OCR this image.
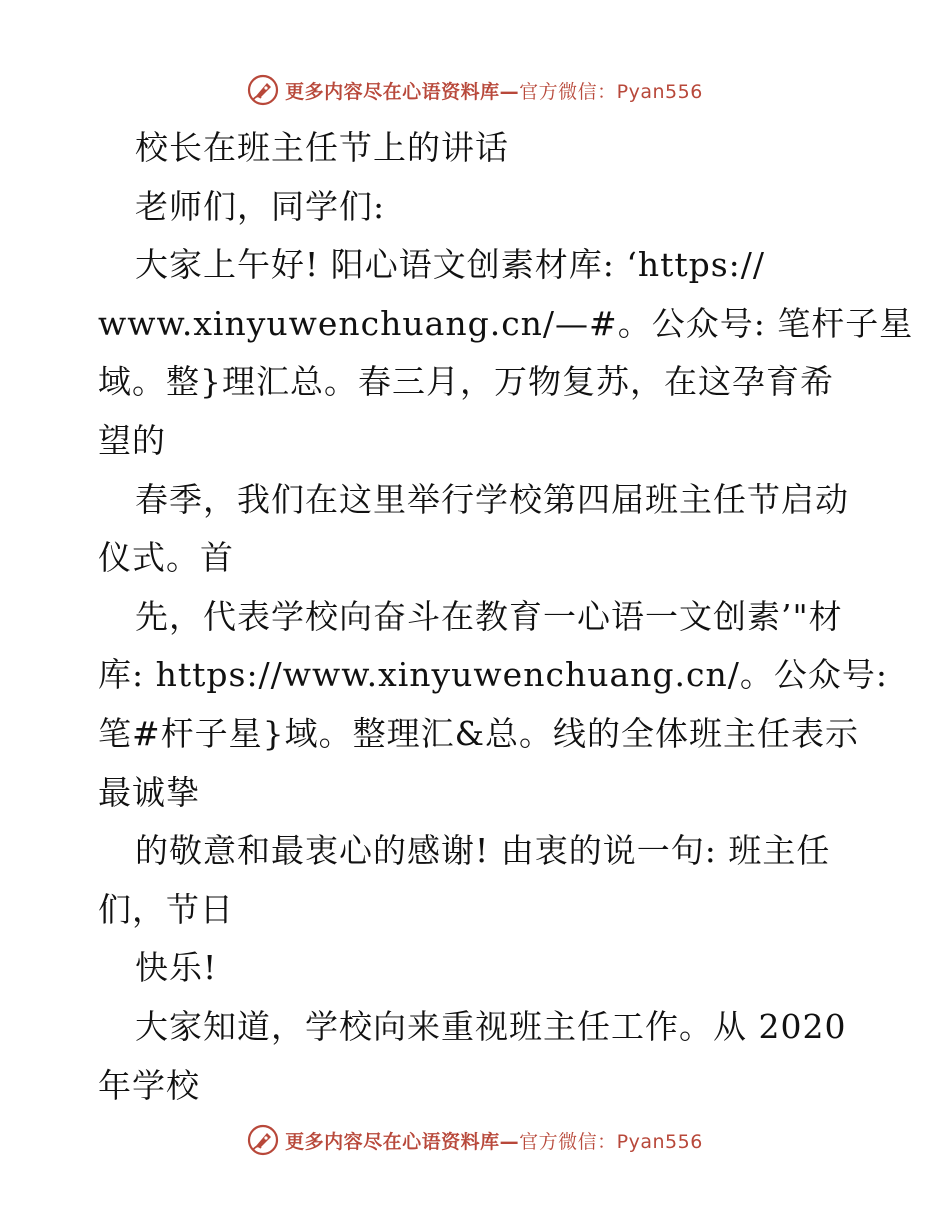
更多内容尽在心语资料库—官方微信：Pyan556
校长在班主任节上的讲话
老师们，同学们:
大家上午好! 阳心语文创素材库: ‘https://
www.xinyuwenchuang.cn/—#。公众号: 笔杆子星
域。整}理汇总。春三月，万物复苏，在这孕育希
望的
春季，我们在这里举行学校第四届班主任节启动
仪式。首
先，代表学校向奋斗在教育一心语一文创素’"材
库: https://www.xinyuwenchuang.cn/。公众号:
笔#杆子星}域。整理汇&总。线的全体班主任表示
最诚挚
的敬意和最衷心的感谢! 由衷的说一句: 班主任
们，节日
快乐!
大家知道，学校向来重视班主任工作。从 2020
年学校
更多内容尽在心语资料库—官方微信：Pyan556
